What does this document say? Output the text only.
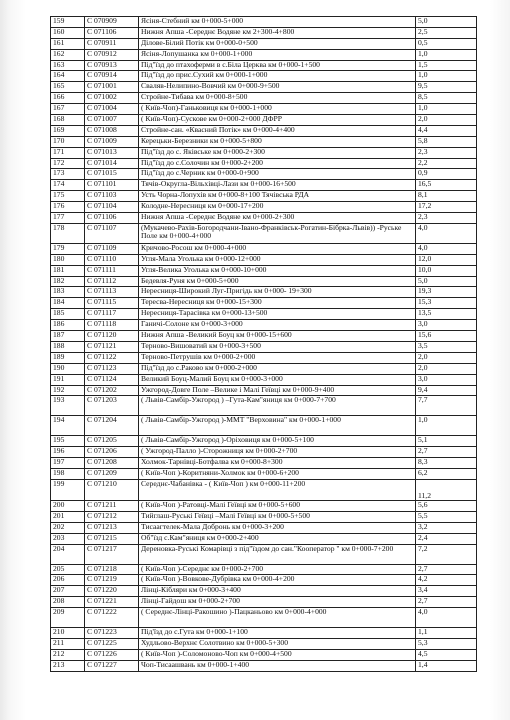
159	C 070909	Ясіня-Стебний км 0+000-5+000	5,0
160	C 071106	Нижня Апша -Середнє Водяне км 2+300-4+800	2,5
161	C 070911	Ділове-Білий Потік км 0+000-0+500	0,5
162	C 070912	Ясіня-Лопушанка км 0+000-1+000	1,0
163	C 070913	Під"їзд до птахоферми в с.Біла Церква км 0+000-1+500	1,5
164	C 070914	Під"їзд до прис.Сухий км 0+000-1+000	1,0
165	C 071001	Сваляв-Нелипино-Вовчий км 0+000-9+500	9,5
166	C 071002	Стройне-Тибава км 0+000-8+500	8,5
167	C 071004	( Київ-Чоп)-Ганьковиця км 0+000-1+000	1,0
168	C 071007	( Київ-Чоп)-Сускове км 0+000-2+000 ДФРР	2,0
169	C 071008	Стройне-сан. «Квасний Потік» км 0+000-4+400	4,4
170	C 071009	Керецьки-Березники км 0+000-5+800	5,8
171	C 071013	Під"їзд до с. Яківське км 0+000-2+300	2,3
172	C 071014	Під"їзд до с.Солочин км 0+000-2+200	2,2
173	C 071015	Під"їзд до с.Черник км 0+000-0+900	0,9
174	C 071101	Тячів-Округла-Вільхівці-Лази км 0+000-16+500	16,5
175	C 071103	Усть Чорна-Лопухів км 0+000-8+100 Тячівська РДА	8,1
176	C 071104	Колодне-Нересниця км 0+000-17+200	17,2
177	C 071106	Нижня Апша -Середнє Водяне км 0+000-2+300	2,3
178	C 071107	(Мукачево-Рахів-Богородчани-Івано-Франківськ-Рогатин-Бібрка-Львів)) -Руське Поле км 0+000-4+000	4,0
179	C 071109	Кричово-Росош км 0+000-4+000	4,0
180	C 071110	Угля-Мала Уголька км 0+000-12+000	12,0
181	C 071111	Угля-Велика Уголька км 0+000-10+000	10,0
182	C 071112	Бедевля-Руня км 0+000-5+000	5,0
183	C 071113	Нересниця-Широкий Луг-Пригідь км 0+000- 19+300	19,3
184	C 071115	Тересва-Нересниця км 0+000-15+300	15,3
185	C 071117	Нересниця-Тарасівка км 0+000-13+500	13,5
186	C 071118	Ганичі-Солоне км 0+000-3+000	3,0
187	C 071120	Нижня Апша -Великий Боуц км 0+000-15+600	15,6
188	C 071121	Терново-Вишоватий км 0+000-3+500	3,5
189	C 071122	Терново-Петрушів км 0+000-2+000	2,0
190	C 071123	Під"їзд до с.Раково км 0+000-2+000	2,0
191	C 071124	Великий Боуц-Малий Боуц км 0+000-3+000	3,0
192	C 071202	Ужгород-Довге Поле –Велике і Малі Геївці км 0+000-9+400	9,4
193	C 071203	( Львів-Самбір-Ужгород ) –Гута-Кам"яниця км 0+000-7+700	7,7
194	C 071204	( Львів-Самбір-Ужгород )-ММТ "Верховина" км 0+000-1+000	1,0
195	C 071205	( Львів-Самбір-Ужгород )-Оріховиця км 0+000-5+100	5,1
196	C 071206	( Ужгород-Палло )-Сторожниця км 0+000-2+700	2,7
197	C 071208	Холмок-Тарнівці-Ботфалва км 0+000-8+300	8,3
198	C 071209	( Київ-Чоп )-Коритняни-Холмок км 0+000-6+200	6,2
199	C 071210	Середнє-Чабанівка - ( Київ-Чоп ) км 0+000-11+200	11,2
200	C 071211	( Київ-Чоп )-Ратовці-Малі Геївці км 0+000-5+600	5,6
201	C 071212	Тийглаш-Руські Геївці –Малі Геївці км 0+000-5+500	5,5
202	C 071213	Тисаагтелек-Мала Добронь км 0+000-3+200	3,2
203	C 071215	Об"їзд с.Кам"яниця км 0+000-2+400	2,4
204	C 071217	Дереновка-Руські Комарівці з під"їздом до сан."Кооператор " км 0+000-7+200	7,2
205	C 071218	( Київ-Чоп )-Середнє км 0+000-2+700	2,7
206	C 071219	( Київ-Чоп )-Вовкове-Дубрівка км 0+000-4+200	4,2
207	C 071220	Лінці-Кібляри км 0+000-3+400	3,4
208	C 071221	Лінці-Гайдош км 0+000-2+700	2,7
209	C 071222	( Середнє-Лінці-Ракошино )-Пацканьово км 0+000-4+000	4,0
210	C 071223	Під'їзд до с.Гута км 0+000-1+100	1,1
211	C 071225	Худльово-Верхнє Солотвино км 0+000-5+300	5,3
212	C 071226	( Київ-Чоп )-Соломоново-Чоп км 0+000-4+500	4,5
213	C 071227	Чоп-Тисаашвань км 0+000-1+400	1,4
